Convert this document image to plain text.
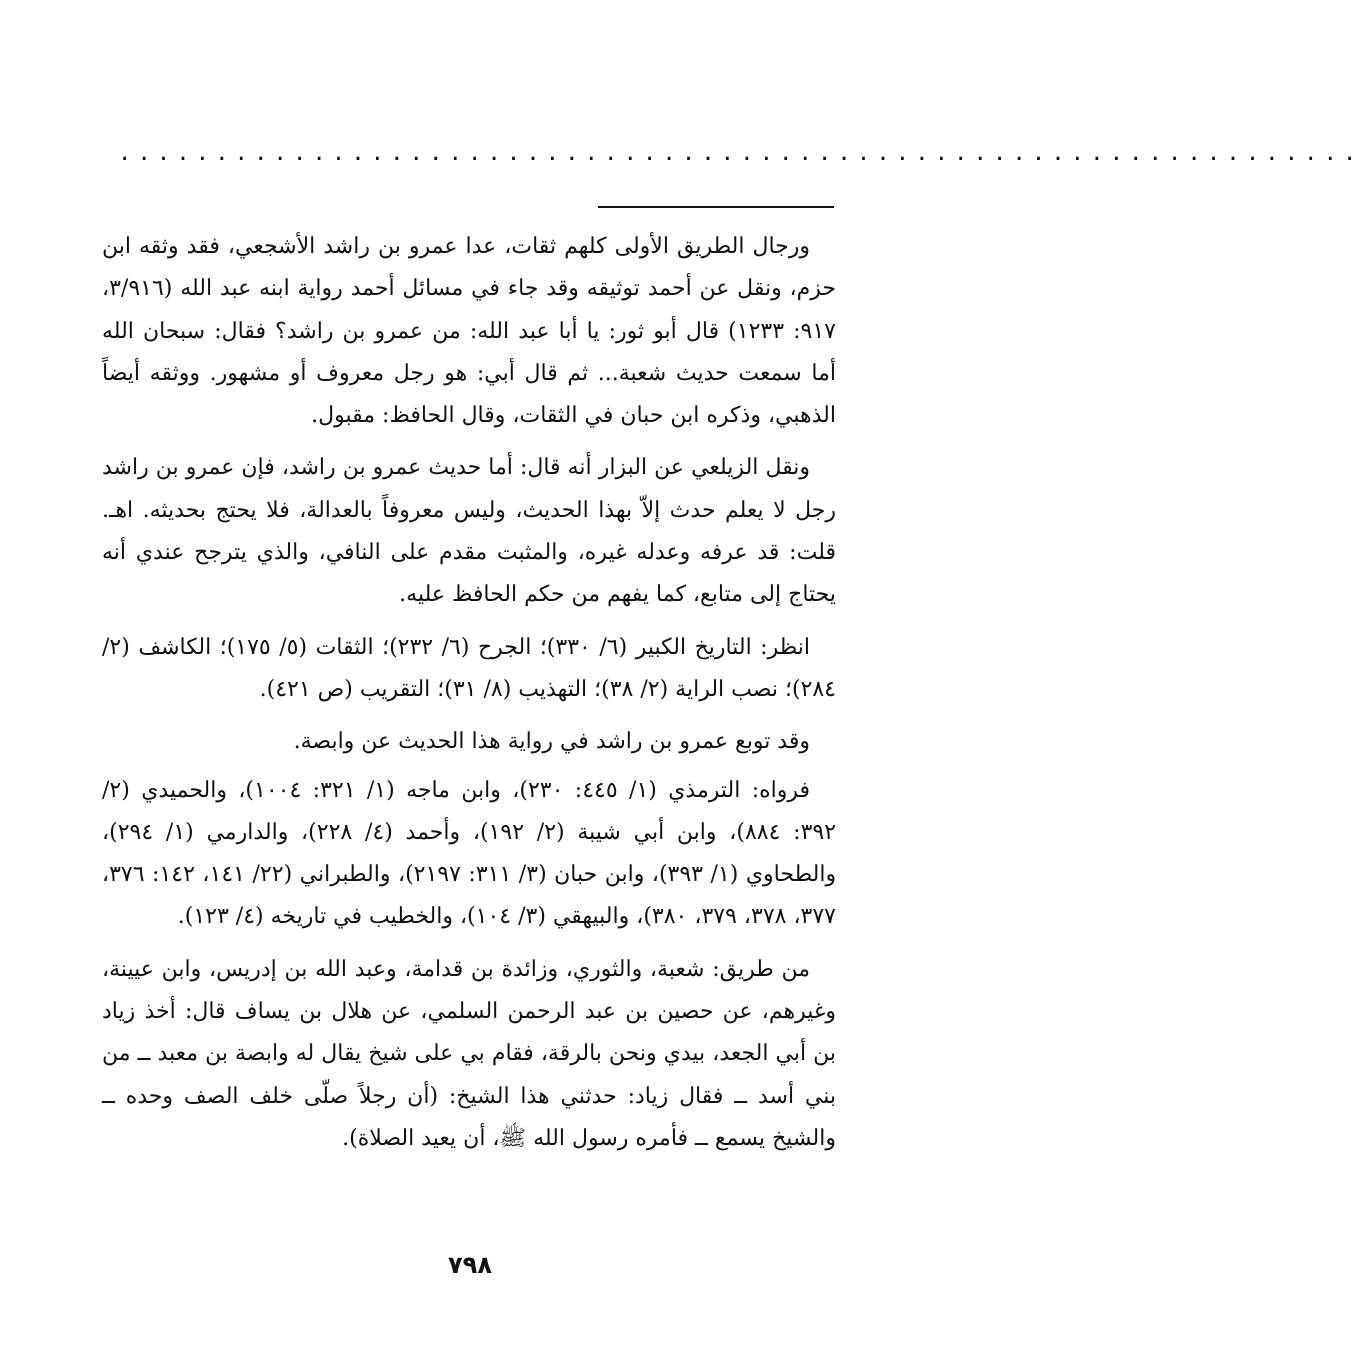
................................................................

ورجال الطريق الأولى كلهم ثقات، عدا عمرو بن راشد الأشجعي، فقد وثقه ابن حزم، ونقل عن أحمد توثيقه وقد جاء في مسائل أحمد رواية ابنه عبد الله (٣/٩١٦، ٩١٧: ١٢٣٣) قال أبو ثور: يا أبا عبد الله: من عمرو بن راشد؟ فقال: سبحان الله أما سمعت حديث شعبة... ثم قال أبي: هو رجل معروف أو مشهور. ووثقه أيضاً الذهبي، وذكره ابن حبان في الثقات، وقال الحافظ: مقبول.

ونقل الزيلعي عن البزار أنه قال: أما حديث عمرو بن راشد، فإن عمرو بن راشد رجل لا يعلم حدث إلاّ بهذا الحديث، وليس معروفاً بالعدالة، فلا يحتج بحديثه. اهـ. قلت: قد عرفه وعدله غيره، والمثبت مقدم على النافي، والذي يترجح عندي أنه يحتاج إلى متابع، كما يفهم من حكم الحافظ عليه.

انظر: التاريخ الكبير (٦/ ٣٣٠)؛ الجرح (٦/ ٢٣٢)؛ الثقات (٥/ ١٧٥)؛ الكاشف (٢/ ٢٨٤)؛ نصب الراية (٢/ ٣٨)؛ التهذيب (٨/ ٣١)؛ التقريب (ص ٤٢١).

وقد توبع عمرو بن راشد في رواية هذا الحديث عن وابصة.

فرواه: الترمذي (١/ ٤٤٥: ٢٣٠)، وابن ماجه (١/ ٣٢١: ١٠٠٤)، والحميدي (٢/ ٣٩٢: ٨٨٤)، وابن أبي شيبة (٢/ ١٩٢)، وأحمد (٤/ ٢٢٨)، والدارمي (١/ ٢٩٤)، والطحاوي (١/ ٣٩٣)، وابن حبان (٣/ ٣١١: ٢١٩٧)، والطبراني (٢٢/ ١٤١، ١٤٢: ٣٧٦، ٣٧٧، ٣٧٨، ٣٧٩، ٣٨٠)، والبيهقي (٣/ ١٠٤)، والخطيب في تاريخه (٤/ ١٢٣).

من طريق: شعبة، والثوري، وزائدة بن قدامة، وعبد الله بن إدريس، وابن عيينة، وغيرهم، عن حصين بن عبد الرحمن السلمي، عن هلال بن يساف قال: أخذ زياد بن أبي الجعد، بيدي ونحن بالرقة، فقام بي على شيخ يقال له وابصة بن معبد ــ من بني أسد ــ فقال زياد: حدثني هذا الشيخ: (أن رجلاً صلّى خلف الصف وحده ــ والشيخ يسمع ــ فأمره رسول الله ﷺ، أن يعيد الصلاة).

٧٩٨
